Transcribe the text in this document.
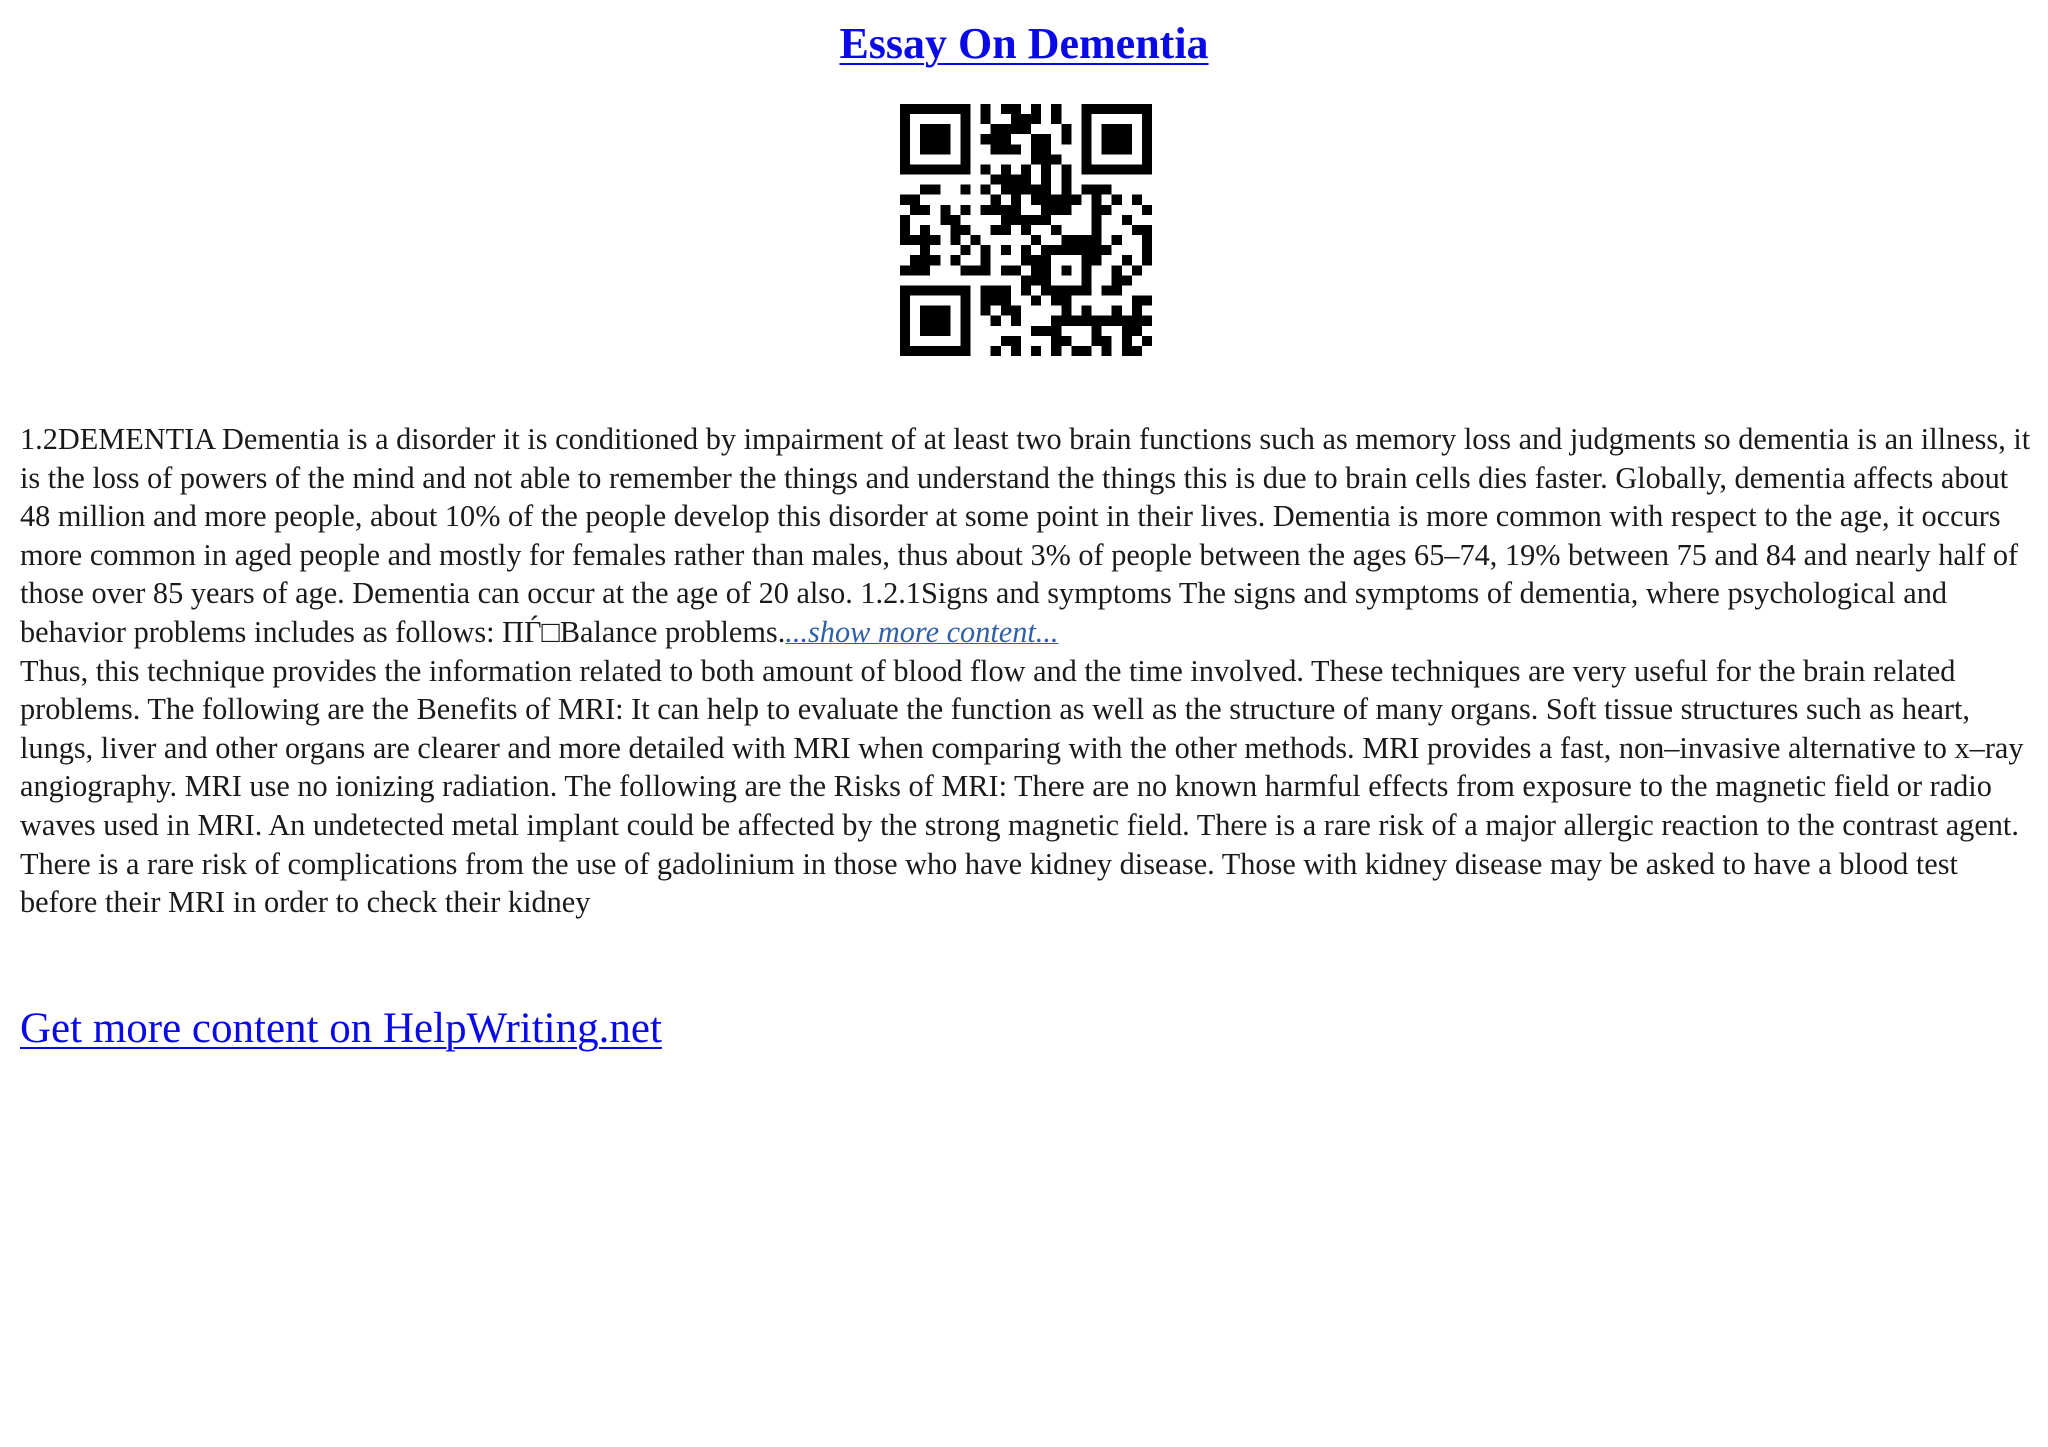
Essay On Dementia

1.2DEMENTIA Dementia is a disorder it is conditioned by impairment of at least two brain functions such as memory loss and judgments so dementia is an illness, it is the loss of powers of the mind and not able to remember the things and understand the things this is due to brain cells dies faster. Globally, dementia affects about 48 million and more people, about 10% of the people develop this disorder at some point in their lives. Dementia is more common with respect to the age, it occurs more common in aged people and mostly for females rather than males, thus about 3% of people between the ages 65–74, 19% between 75 and 84 and nearly half of those over 85 years of age. Dementia can occur at the age of 20 also. 1.2.1Signs and symptoms The signs and symptoms of dementia, where psychological and behavior problems includes as follows: ПЃ□Balance problems....show more content...

Thus, this technique provides the information related to both amount of blood flow and the time involved. These techniques are very useful for the brain related problems. The following are the Benefits of MRI: It can help to evaluate the function as well as the structure of many organs. Soft tissue structures such as heart, lungs, liver and other organs are clearer and more detailed with MRI when comparing with the other methods. MRI provides a fast, non–invasive alternative to x–ray angiography. MRI use no ionizing radiation. The following are the Risks of MRI: There are no known harmful effects from exposure to the magnetic field or radio waves used in MRI. An undetected metal implant could be affected by the strong magnetic field. There is a rare risk of a major allergic reaction to the contrast agent. There is a rare risk of complications from the use of gadolinium in those who have kidney disease. Those with kidney disease may be asked to have a blood test before their MRI in order to check their kidney

Get more content on HelpWriting.net
